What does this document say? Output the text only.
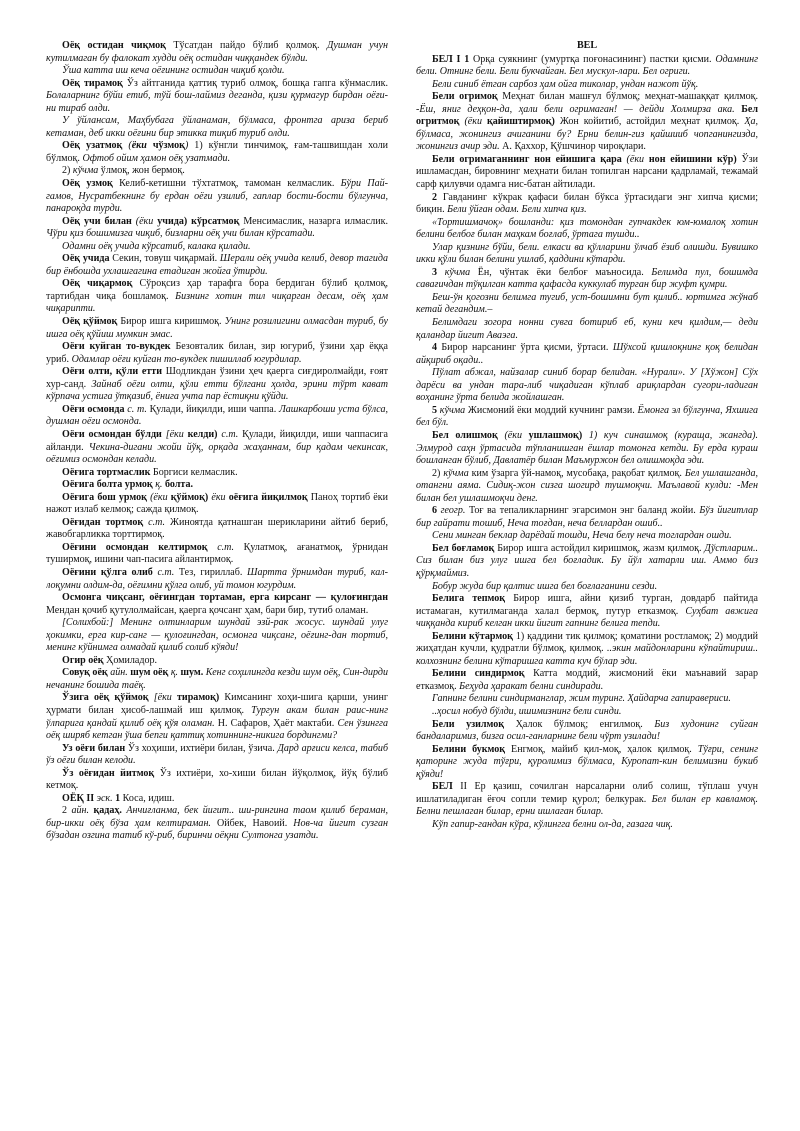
Оёқ остидан чиқмоқ Тўсатдан пайдо бўлиб қолмоқ. Душман учун кутилмаган бу фалокат худди оёқ остидан чиққандек бўлди.

Ўша катта иш кеча оёғининг остидан чиқиб қолди.

Оёқ тирамоқ Ўз айтганида қаттиқ туриб олмоқ, бошқа гапга кўнмаслик. Болаларнинг бўйи етиб, тўй бош-лаймиз деганда, қизи қурмагур бирдан оёғи-ни тираб олди.

У ўйлансам, Маҳбубага ўйланаман, бўлмаса, фронтга ариза бериб кетаман, деб икки оёғини бир этикка тиқиб туриб олди.

Оёқ узатмоқ (ёки чўзмоқ) 1) кўнгли тинчимоқ, ғам-ташвишдан холи бўлмоқ. Офтоб ойим ҳамон оёқ узатмади.

2) кўчма ўлмоқ, жон бермоқ.

Оёқ узмоқ Келиб-кетишни тўхтатмоқ, тамоман келмаслик. Бўри Пай-гамов, Нусратбекнинг бу ердан оёғи узилиб, гаплар бости-бости бўлгунча, панароқда турди.

Оёқ учи билан (ёки учида) кўрсатмоқ Менсимаслик, назарга илмаслик. Чўри қиз бошимизга чиқиб, бизларни оёқ учи билан кўрсатади.

Одамни оёқ учида кўрсатиб, калака қилади.

Оёқ учида Секин, товуш чиқармай. Шерали оёқ учида келиб, девор тагида бир ёнбошда ухлашгагина етадиган жойга ўтирди.

Оёқ чиқармоқ Сўроқсиз ҳар тарафга бора бердиган бўлиб қолмоқ, тартибдан чиқа бошламоқ. Бизнинг хотин тил чиқарган десам, оёқ ҳам чиқарипти.

Оёқ қўймоқ Бирор ишга киришмоқ. Унинг розилигини олмасдан туриб, бу ишга оёқ қўйиш мумкин эмас.

Оёғи куйган то-вукдек Безовталик билан, зир югуриб, ўзини ҳар ёққа уриб. Одамлар оёғи куйган то-вукдек пишиллаб югурдилар.

Оёғи олти, қўли етти Шодликдан ўзини ҳеч қаерга сиғдиролмайди, ғоят хур-санд. Зайнаб оёғи олти, қўли етти бўлгани ҳолда, эрини тўрт кават кўрпача устига ўтқазиб, ёнига учта пар ёстиқни қўйди.

Оёғи осмонда с. т. Қулади, йиқилди, иши чаппа. Лашкарбоши уста бўлса, душман оёғи осмонда.

Оёғи осмондан бўлди [ёки келди) с.т. Қулади, йиқилди, иши чаппасига айланди. Чекина-дигани жойи йўқ, орқада жаҳаннам, бир қадам чекинсак, оёғимиз осмондан келади.

Оёғига тортмаслик Боргиси келмаслик.

Оёғига болта урмоқ қ. болта.

Оёғига бош урмоқ (ёки қўймоқ) ёки оёғига йиқилмоқ Паноҳ тортиб ёки нажот излаб келмоқ; сажда қилмоқ.

Оёғидан тортмоқ с.т. Жиноятда қатнашган шерикларини айтиб бериб, жавобгарликка торттирмоқ.

Оёғини осмондан келтирмоқ с.т. Қулатмоқ, ағанатмоқ, ўрнидан туширмоқ, ишини чап-пасига айлантирмоқ.

Оёғини қўлга олиб с.т. Тез, гириллаб. Шартта ўрнимдан туриб, кал-лоқумни олдим-да, оёғимни қўлга олиб, уй томон югурдим.

Осмонга чиқсанг, оёғингдан тортаман, ерга кирсанг — қулоғингдан Мендан қочиб қутулолмайсан, қаерга қочсанг ҳам, бари бир, тутиб оламан.

[Солихбой:] Менинг олтинларим шундай эзй-рак жосус. шундай улуг ҳокимки, ерга кир-санг — қулоғингдан, осмонга чиқсанг, оёғинг-дан тортиб, менинг кўйнимга олмадай қилиб солиб кўяди!

Огир оёқ Ҳомиладор.

Совуқ оёқ айн. шум оёқ қ. шум. Кенг соҳилингда кезди шум оёқ, Син-дирди нечанинг бошида таёқ.

Ўзига оёқ қўймоқ [ёки тирамоқ) Кимсанинг хоҳи-шига қарши, унинг ҳурмати билан ҳисоб-лашмай иш қилмоқ. Тургун акам билан раис-нинг ўлпарига қандай қилиб оёқ қўя оламан. Н. Сафаров, Ҳаёт мактаби. Сен ўзингга оёқ ширяб кетган ўша бепги қаттиқ хотиннинг-никига бордингми?

Уз оёғи билан Ўз хоҳиши, ихтиёри билан, ўзича. Дард арғиси келса, табиб ўз оёғи билан келоди.

Ўз оёғидан йитмоқ Ўз ихтиёри, хо-хиши билан йўқолмоқ, йўқ бўлиб кетмоқ.

ОЁҚ II эск. 1 Коса, идиш.

2 айн. қадаҳ. Анчиғланма, бек йигит.. ши-рингина таом қилиб бераман, бир-икки оёқ бўза ҳам келтираман. Ойбек, Навоий. Нов-ча йигит сузган бўзадан озгина татиб кў-риб, биринчи оёқни Султонга узатди.

BEL

БЕЛ I 1 Орқа суякнинг (умуртқа поғонасининг) пастки қисми. Одамнинг бели. Отнинг бели. Бели букчайган. Бел мускул-лари. Бел огриги.

Бели синиб ётган сарбоз ҳам ойга тиколар, ундан нажот йўқ.

Бели огримоқ Меҳнат билан машғул бўлмоқ; меҳнат-машаққат қилмоқ. -Ёш, яниг деҳқон-да, ҳали бели огримаган! — дейди Холмирза ака. Бел огритмоқ (ёки қайиштирмоқ) Жон койитиб, астойдил меҳнат қилмоқ. Ҳа, бўлмаса, жонингиз ачиганини бу? Ерни белин-гиз қайшииб чопганингизда, жонингиз ачир эди. А. Қаххор, Қўшчинор чироқлари.

Бели огримаганнинг нон ейишига қара (ёки нон ейишини кўр) Ўзи ишламасдан, бировнинг меҳнати билан топилган нарсани қадрламай, тежамай сарф қилувчи одамга нис-батан айтилади.

2 Гавданинг кўкрак қафаси билан бўкса ўртасидаги энг хипча қисми; биқин. Бели ўйған одам. Бели хипча қиз.

«Тортишмачоқ» бошланди: қиз томондан гупчакдек юм-юмалоқ хотин белини белбоғ билан маҳкам боғлаб, ўртага тушди..

Улар қизнинг бўйи, бели. елкаси ва қўлларини ўлчаб ёзиб олишди. Бувишко икки қўли билан белини ушлаб, қаддини кўтарди.

3 кўчма Ён, чўнтак ёки белбоғ маъносида. Белимда пул, бошимда савағичдан тўқилган катта қафасда куккулаб турган бир жуфт қумри.

Беш-ўн қогозни белимга тугиб, уст-бошимни бут қилиб.. юртимга жўнаб кетай дегандим.–

Белимдаги зогора нонни сувга ботириб еб, куни кеч қилдим,— деди қаландар йигит Аваэга.

4 Бирор нарсанинг ўрта қисми, ўртаси. Шўхсой қишлоқнинг қоқ белидан айқириб оқади..

Пўлат абжал, найзалар синиб борар белидан. «Нурали». У [Хўжон] Сўх дарёси ва ундан тара-либ чиқадиган кўплаб ариқлардан сугори-ладиган воҳанинг ўрта белида жойлашган.

5 кўчма Жисмоний ёки моддий кучнинг рамзи. Ёмонга эл бўлгунча, Яхшига бел бўл.

Бел олишмоқ (ёки ушлашмоқ) 1) куч синашмоқ (кураща, жангда). Элмурод саҳн ўртасида тўпланишган ёшлар томонга кетди. Бу ерда кураш бошланган бўлиб, Давлатёр билан Маъмуржон бел олишмоқда эди.

2) кўчма ким ўзарга ўй-намоқ, мусобақа, рақобат қилмоқ. Бел ушлашганда, отангни аяма. Сидиқ-жон сизга шогирд тушмоқчи. Маълавой кулди: -Мен билан бел ушлашмоқчи денг.

6 геогр. Тоғ ва тепаликларнинг эгарсимон энг баланд жойи. Бўз йигитлар бир гайрати тошиб, Неча тоғдан, неча беллардан ошиб..

Сени минган беклар дарёдай тошди, Неча белу неча тоглардан ошди.

Бел боғламоқ Бирор ишга астойдил киришмоқ, жазм қилмоқ. Дўстларим.. Сиз билан биз улуг ишга бел боғладик. Бу йўл хатарли иш. Аммо биз қўрқмаймиз.

Бобур жуда бир қалтис ишга бел боғлаганини сезди.

Белига тепмоқ Бирор ишга, айни қизиб турган, довдарб пайтида истамаган, кутилмаганда халал бермоқ, путур етказмоқ. Суҳбат авжига чиққанда кириб келган икки йигит гапнинг белига тепди.

Белини кўтармоқ 1) қаддини тик қилмоқ; қоматини ростламоқ; 2) моддий жиҳатдан кучли, қудратли бўлмоқ, қилмоқ. ..экин майдонларини кўпайтириш.. колхознинг белини кўтаришга катта куч бўлар эди.

Белини синдирмоқ Катта моддий, жисмоний ёки маънавий зарар етказмоқ. Беҳуда ҳаракат белни синдиради.

Гапнинг белини синдирманглар, жим туринг. Ҳайдарча гапиравериси.

..ҳосил нобуд бўлди, ишимизнинг бели синди.

Бели узилмоқ Ҳалок бўлмоқ; енгилмоқ. Биз худонинг суйган бандаларимиз, бизга осил-ганларнинг бели чўрт узилади!

Белини букмоқ Енгмоқ, майиб қил-моқ, ҳалок қилмоқ. Тўғри, сенинг қаторинг жуда тўғри, қуролимиз бўлмаса, Куропат-кин белимизни букиб қўяди!

БЕЛ II Ер қазиш, сочилган нарсаларни олиб солиш, тўплаш учун ишлатиладиган ёғоч сопли темир қурол; белкурак. Бел билан ер кавламоқ. Белни пешлаган билар, ерни ишлаган билар.

Кўп гапир-гандан кўра, кўлингга белни ол-да, газага чиқ.
